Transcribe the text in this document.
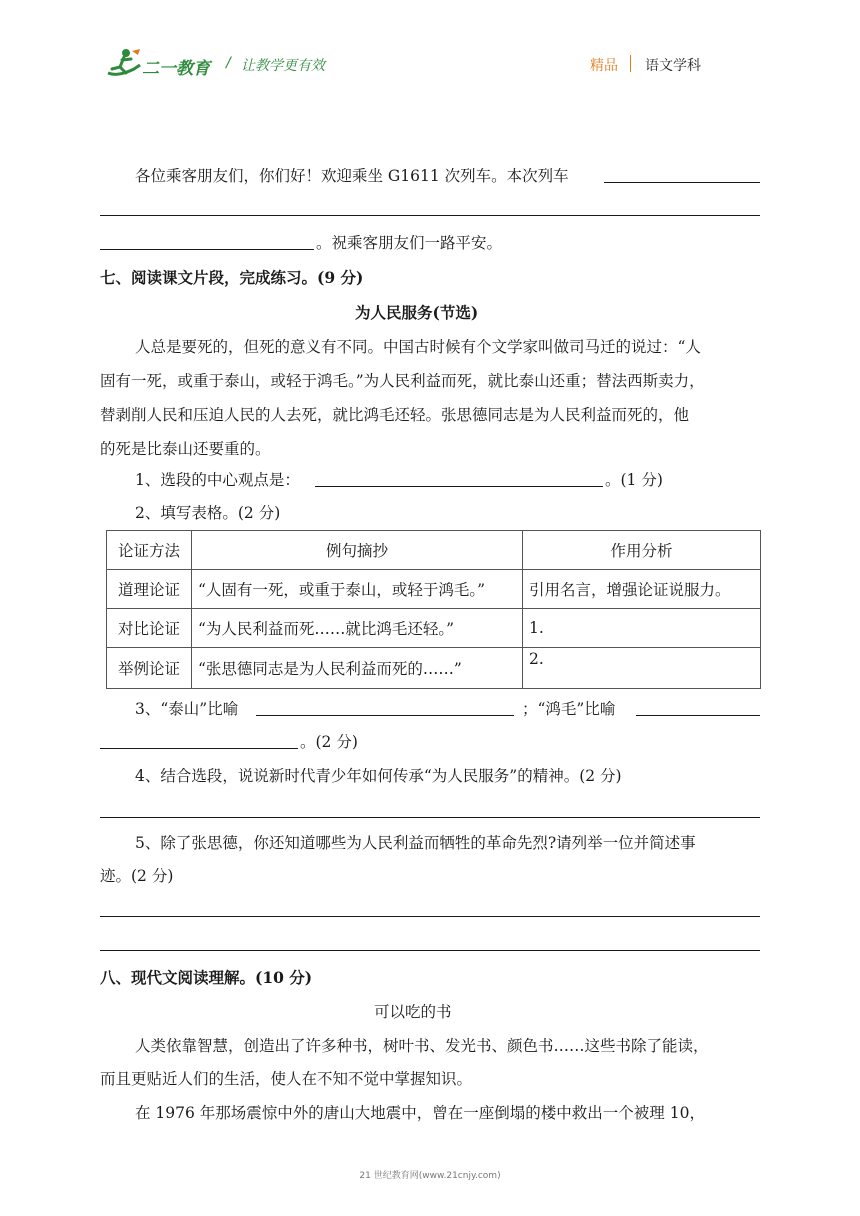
二一教育 / 让教学更有效	精品 语文学科
各位乘客朋友们，你们好！欢迎乘坐 G1611 次列车。本次列车
。祝乘客朋友们一路平安。
七、阅读课文片段，完成练习。(9 分)
为人民服务(节选)
人总是要死的，但死的意义有不同。中国古时候有个文学家叫做司马迁的说过：“人
固有一死，或重于泰山，或轻于鸿毛。”为人民利益而死，就比泰山还重；替法西斯卖力，
替剥削人民和压迫人民的人去死，就比鸿毛还轻。张思德同志是为人民利益而死的，他
的死是比泰山还要重的。
1、选段的中心观点是：	。(1 分)
2、填写表格。(2 分)
论证方法	例句摘抄	作用分析
道理论证	“人固有一死，或重于泰山，或轻于鸿毛。”	引用名言，增强论证说服力。
对比论证	“为人民利益而死……就比鸿毛还轻。”	1.
举例论证	“张思德同志是为人民利益而死的……”	2.
3、“泰山”比喻	；“鸿毛”比喻
。(2 分)
4、结合选段，说说新时代青少年如何传承“为人民服务”的精神。(2 分)
5、除了张思德，你还知道哪些为人民利益而牺牲的革命先烈?请列举一位并简述事
迹。(2 分)
八、现代文阅读理解。(10 分)
可以吃的书
人类依靠智慧，创造出了许多种书，树叶书、发光书、颜色书……这些书除了能读，
而且更贴近人们的生活，使人在不知不觉中掌握知识。
在 1976 年那场震惊中外的唐山大地震中，曾在一座倒塌的楼中救出一个被理 10，
21 世纪教育网(www.21cnjy.com)
